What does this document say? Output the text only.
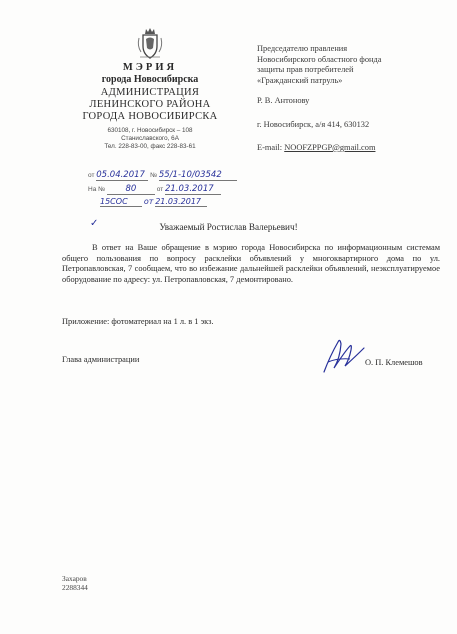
МЭРИЯ
города Новосибирска
АДМИНИСТРАЦИЯ
ЛЕНИНСКОГО РАЙОНА
ГОРОДА НОВОСИБИРСКА
630108, г. Новосибирск – 108
Станиславского, 6А
Тел. 228-83-00, факс 228-83-61
от 05.04.2017 № 55/1-10/03542
На № 80	от 21.03.2017
15COC от 21.03.2017
Председателю правления
Новосибирского областного фонда
защиты прав потребителей
«Гражданский патруль»
Р. В. Антонову
г. Новосибирск, а/я 414, 630132
E-mail: NOOFZPPGP@gmail.com
✓	Уважаемый Ростислав Валерьевич!
В ответ на Ваше обращение в мэрию города Новосибирска по информационным системам общего пользования по вопросу расклейки объявлений у многоквартирного дома по ул. Петропавловская, 7 сообщаем, что во избежание дальнейшей расклейки объявлений, неэксплуатируемое оборудование по адресу: ул. Петропавловская, 7 демонтировано.
Приложение: фотоматериал на 1 л. в 1 экз.
Глава администрации	О. П. Клемешов
Захаров
2288344
